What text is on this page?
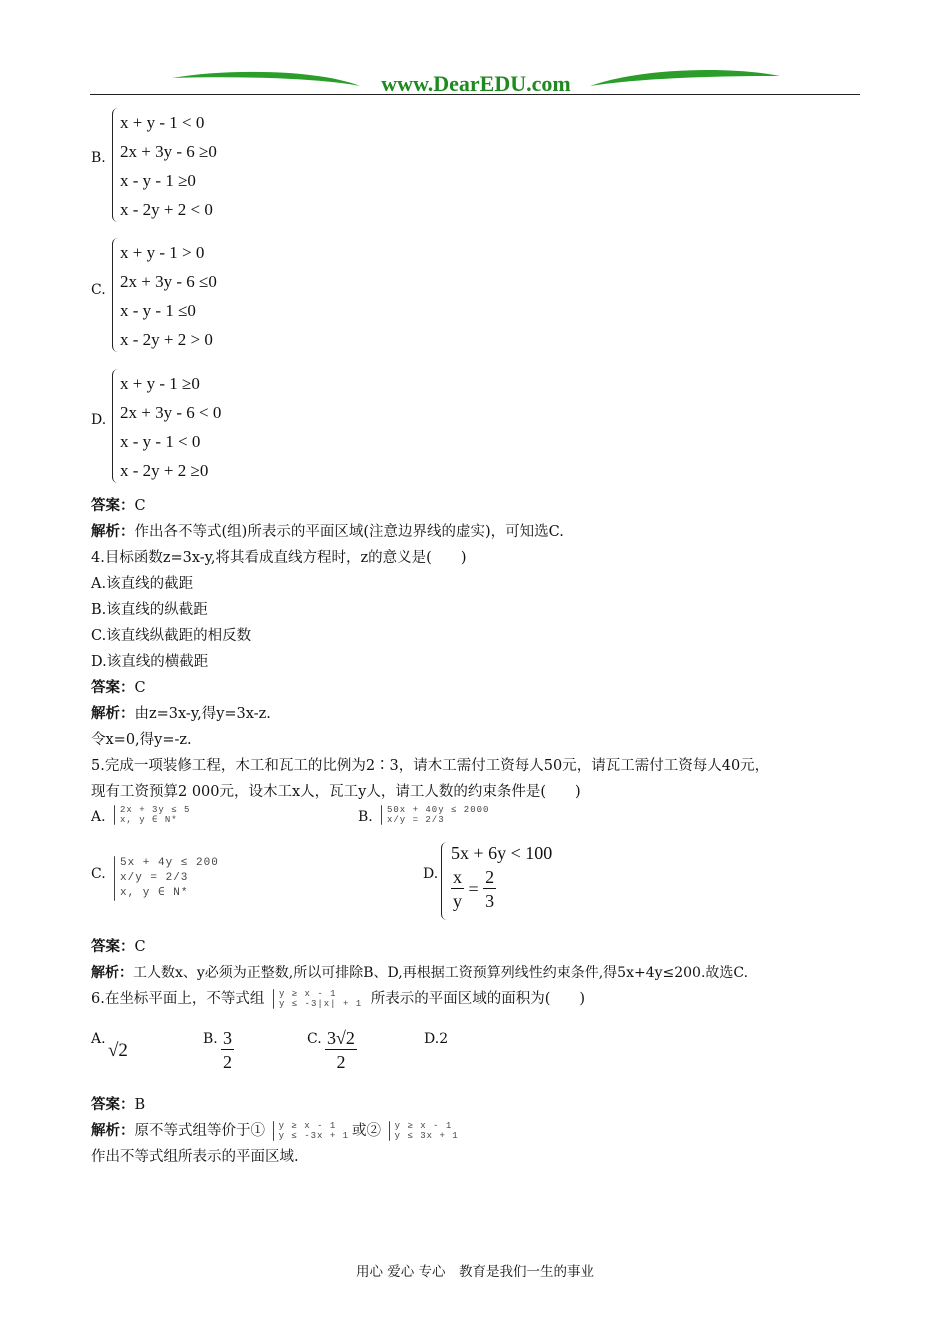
www.DearEDU.com
B.
x + y - 1 < 0
2x + 3y - 6 ≥0
x - y - 1 ≥0
x - 2y + 2 < 0
C.
x + y - 1 > 0
2x + 3y - 6 ≤0
x - y - 1 ≤0
x - 2y + 2 > 0
D.
x + y - 1 ≥0
2x + 3y - 6 < 0
x - y - 1 < 0
x - 2y + 2 ≥0
答案：C
解析：作出各不等式(组)所表示的平面区域(注意边界线的虚实)，可知选C.
4.目标函数z=3x-y,将其看成直线方程时，z的意义是(　　)
A.该直线的截距
B.该直线的纵截距
C.该直线纵截距的相反数
D.该直线的横截距
答案：C
解析：由z=3x-y,得y=3x-z.
令x=0,得y=-z.
5.完成一项装修工程，木工和瓦工的比例为2∶3，请木工需付工资每人50元，请瓦工需付工资每人40元，
现有工资预算2 000元，设木工x人，瓦工y人，请工人数的约束条件是(　　)
A. 2x + 3y ≤ 5
x, y ∈ N*	B. 50x + 40y ≤ 2000
x/y = 2/3
C.
5x + 4y ≤ 200
x/y = 2/3
x, y ∈ N*
D.
5x + 6y < 100
$\frac{x}{y} = \frac{2}{3}$
答案：C
解析：工人数x、y必须为正整数,所以可排除B、D,再根据工资预算列线性约束条件,得5x+4y≤200.故选C.
6.在坐标平面上，不等式组 y ≥ x - 1
y ≤ -3|x| + 1 所表示的平面区域的面积为(　　)
A.
√2
B. $\frac{3}{2}$	C. $\frac{3√2}{2}$	D.2
答案：B
解析：原不等式组等价于① y ≥ x - 1
y ≤ -3x + 1 或② y ≥ x - 1
y ≤ 3x + 1
作出不等式组所表示的平面区域.
用心 爱心 专心　教育是我们一生的事业
